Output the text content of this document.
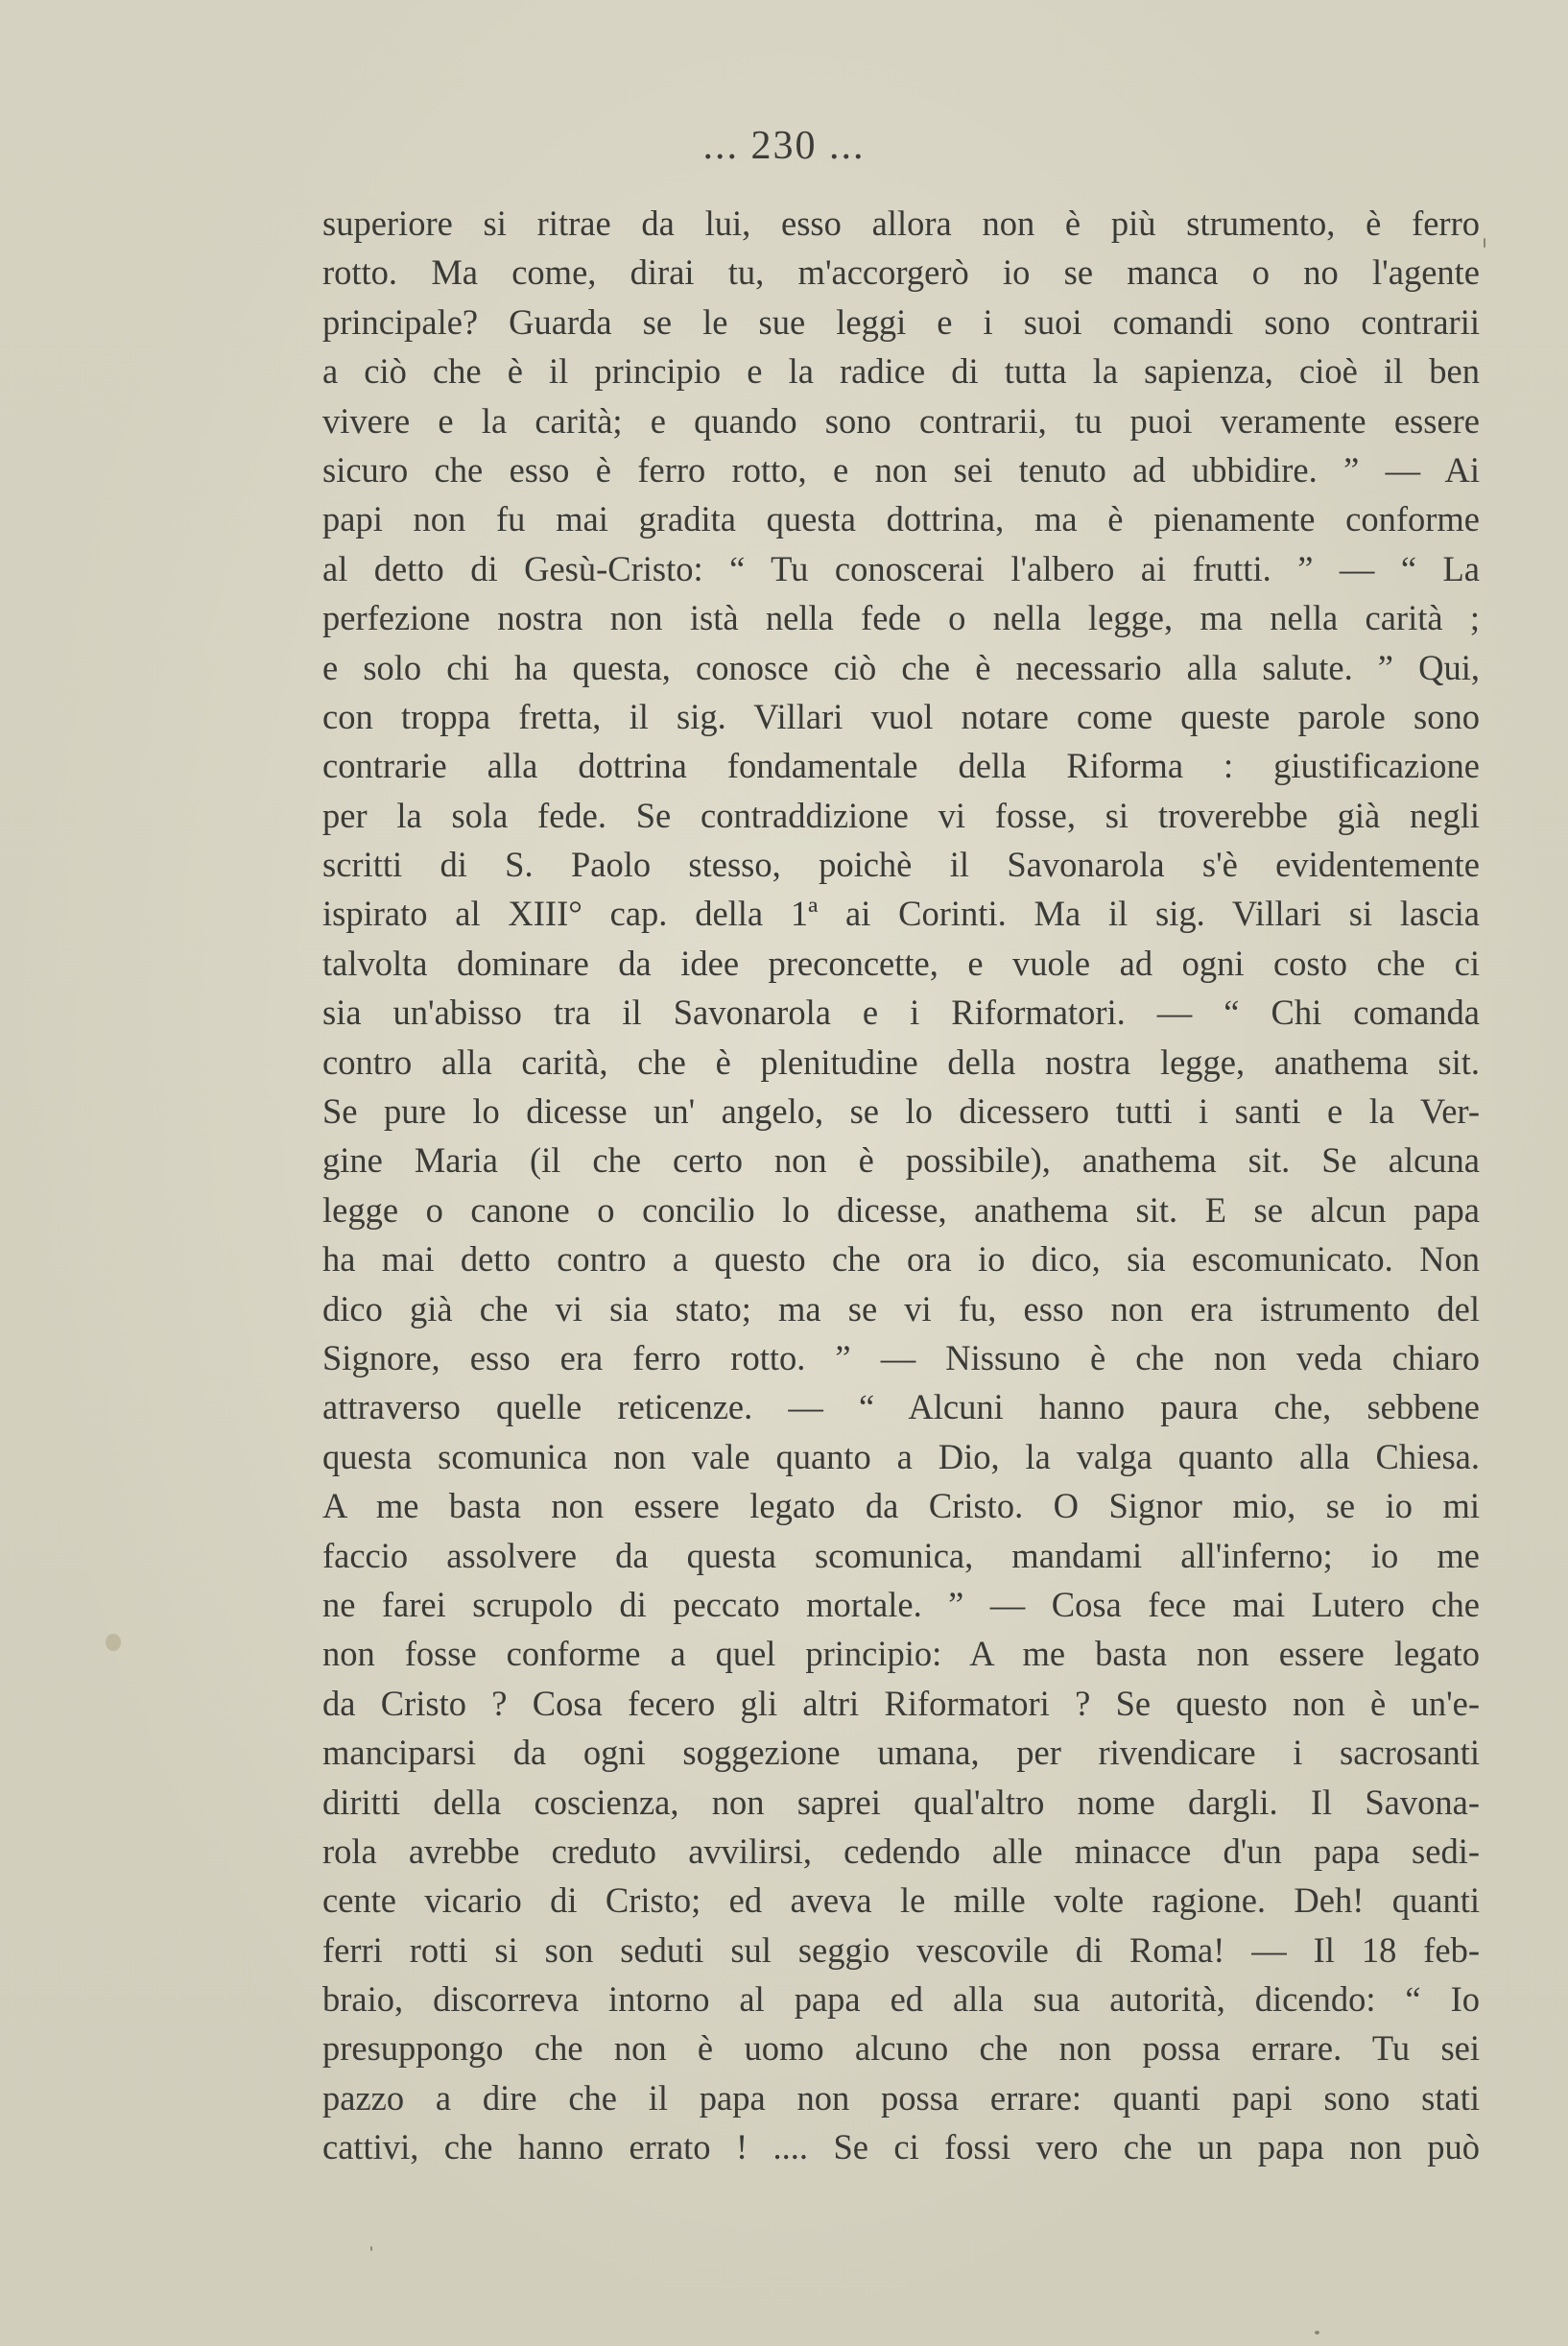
... 230 ...
superiore si ritrae da lui, esso allora non è più strumento, è ferro
rotto. Ma come, dirai tu, m'accorgerò io se manca o no l'agente
principale? Guarda se le sue leggi e i suoi comandi sono contrarii
a ciò che è il principio e la radice di tutta la sapienza, cioè il ben
vivere e la carità; e quando sono contrarii, tu puoi veramente essere
sicuro che esso è ferro rotto, e non sei tenuto ad ubbidire. ” — Ai
papi non fu mai gradita questa dottrina, ma è pienamente conforme
al detto di Gesù-Cristo: “ Tu conoscerai l'albero ai frutti. ” — “ La
perfezione nostra non istà nella fede o nella legge, ma nella carità ;
e solo chi ha questa, conosce ciò che è necessario alla salute. ” Qui,
con troppa fretta, il sig. Villari vuol notare come queste parole sono
contrarie alla dottrina fondamentale della Riforma : giustificazione
per la sola fede. Se contraddizione vi fosse, si troverebbe già negli
scritti di S. Paolo stesso, poichè il Savonarola s'è evidentemente
ispirato al XIII° cap. della 1ª ai Corinti. Ma il sig. Villari si lascia
talvolta dominare da idee preconcette, e vuole ad ogni costo che ci
sia un'abisso tra il Savonarola e i Riformatori. — “ Chi comanda
contro alla carità, che è plenitudine della nostra legge, anathema sit.
Se pure lo dicesse un' angelo, se lo dicessero tutti i santi e la Ver-
gine Maria (il che certo non è possibile), anathema sit. Se alcuna
legge o canone o concilio lo dicesse, anathema sit. E se alcun papa
ha mai detto contro a questo che ora io dico, sia escomunicato. Non
dico già che vi sia stato; ma se vi fu, esso non era istrumento del
Signore, esso era ferro rotto. ” — Nissuno è che non veda chiaro
attraverso quelle reticenze. — “ Alcuni hanno paura che, sebbene
questa scomunica non vale quanto a Dio, la valga quanto alla Chiesa.
A me basta non essere legato da Cristo. O Signor mio, se io mi
faccio assolvere da questa scomunica, mandami all'inferno; io me
ne farei scrupolo di peccato mortale. ” — Cosa fece mai Lutero che
non fosse conforme a quel principio: A me basta non essere legato
da Cristo ? Cosa fecero gli altri Riformatori ? Se questo non è un'e-
manciparsi da ogni soggezione umana, per rivendicare i sacrosanti
diritti della coscienza, non saprei qual'altro nome dargli. Il Savona-
rola avrebbe creduto avvilirsi, cedendo alle minacce d'un papa sedi-
cente vicario di Cristo; ed aveva le mille volte ragione. Deh! quanti
ferri rotti si son seduti sul seggio vescovile di Roma! — Il 18 feb-
braio, discorreva intorno al papa ed alla sua autorità, dicendo: “ Io
presuppongo che non è uomo alcuno che non possa errare. Tu sei
pazzo a dire che il papa non possa errare: quanti papi sono stati
cattivi, che hanno errato ! .... Se ci fossi vero che un papa non può
